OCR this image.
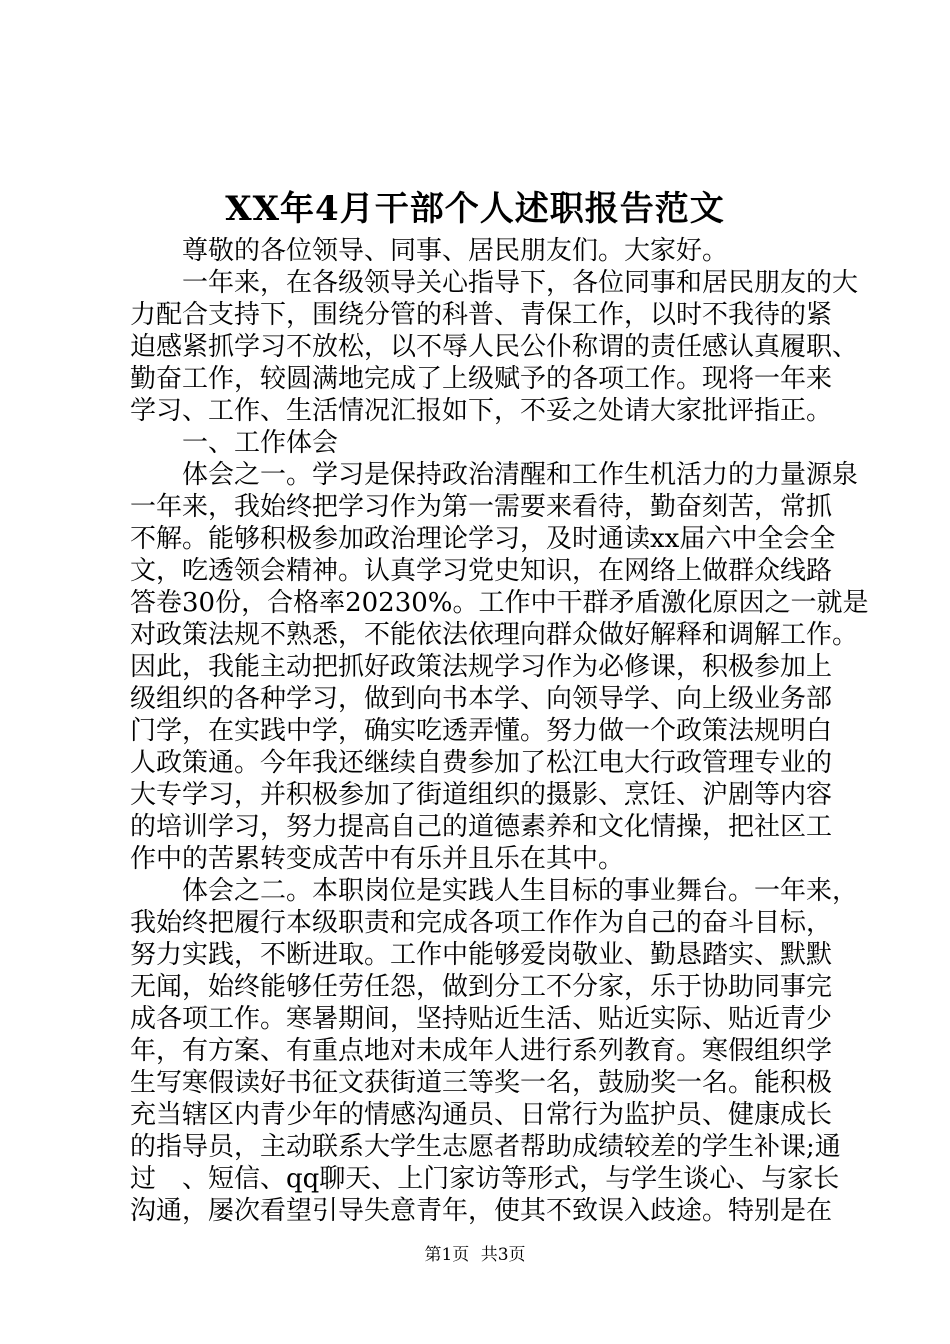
XX年4月干部个人述职报告范文
尊敬的各位领导、同事、居民朋友们。大家好。
一年来，在各级领导关心指导下，各位同事和居民朋友的大
力配合支持下，围绕分管的科普、青保工作，以时不我待的紧
迫感紧抓学习不放松，以不辱人民公仆称谓的责任感认真履职、
勤奋工作，较圆满地完成了上级赋予的各项工作。现将一年来
学习、工作、生活情况汇报如下，不妥之处请大家批评指正。
一、工作体会
体会之一。学习是保持政治清醒和工作生机活力的力量源泉
一年来，我始终把学习作为第一需要来看待，勤奋刻苦，常抓
不解。能够积极参加政治理论学习，及时通读xx届六中全会全
文，吃透领会精神。认真学习党史知识，在网络上做群众线路
答卷30份，合格率20230%。工作中干群矛盾激化原因之一就是
对政策法规不熟悉，不能依法依理向群众做好解释和调解工作。
因此，我能主动把抓好政策法规学习作为必修课，积极参加上
级组织的各种学习，做到向书本学、向领导学、向上级业务部
门学，在实践中学，确实吃透弄懂。努力做一个政策法规明白
人政策通。今年我还继续自费参加了松江电大行政管理专业的
大专学习，并积极参加了街道组织的摄影、烹饪、沪剧等内容
的培训学习，努力提高自己的道德素养和文化情操，把社区工
作中的苦累转变成苦中有乐并且乐在其中。
体会之二。本职岗位是实践人生目标的事业舞台。一年来，
我始终把履行本级职责和完成各项工作作为自己的奋斗目标，
努力实践，不断进取。工作中能够爱岗敬业、勤恳踏实、默默
无闻，始终能够任劳任怨，做到分工不分家，乐于协助同事完
成各项工作。寒暑期间，坚持贴近生活、贴近实际、贴近青少
年，有方案、有重点地对未成年人进行系列教育。寒假组织学
生写寒假读好书征文获街道三等奖一名，鼓励奖一名。能积极
充当辖区内青少年的情感沟通员、日常行为监护员、健康成长
的指导员，主动联系大学生志愿者帮助成绩较差的学生补课;通
过　、短信、qq聊天、上门家访等形式，与学生谈心、与家长
沟通，屡次看望引导失意青年，使其不致误入歧途。特别是在
第1页 共3页
